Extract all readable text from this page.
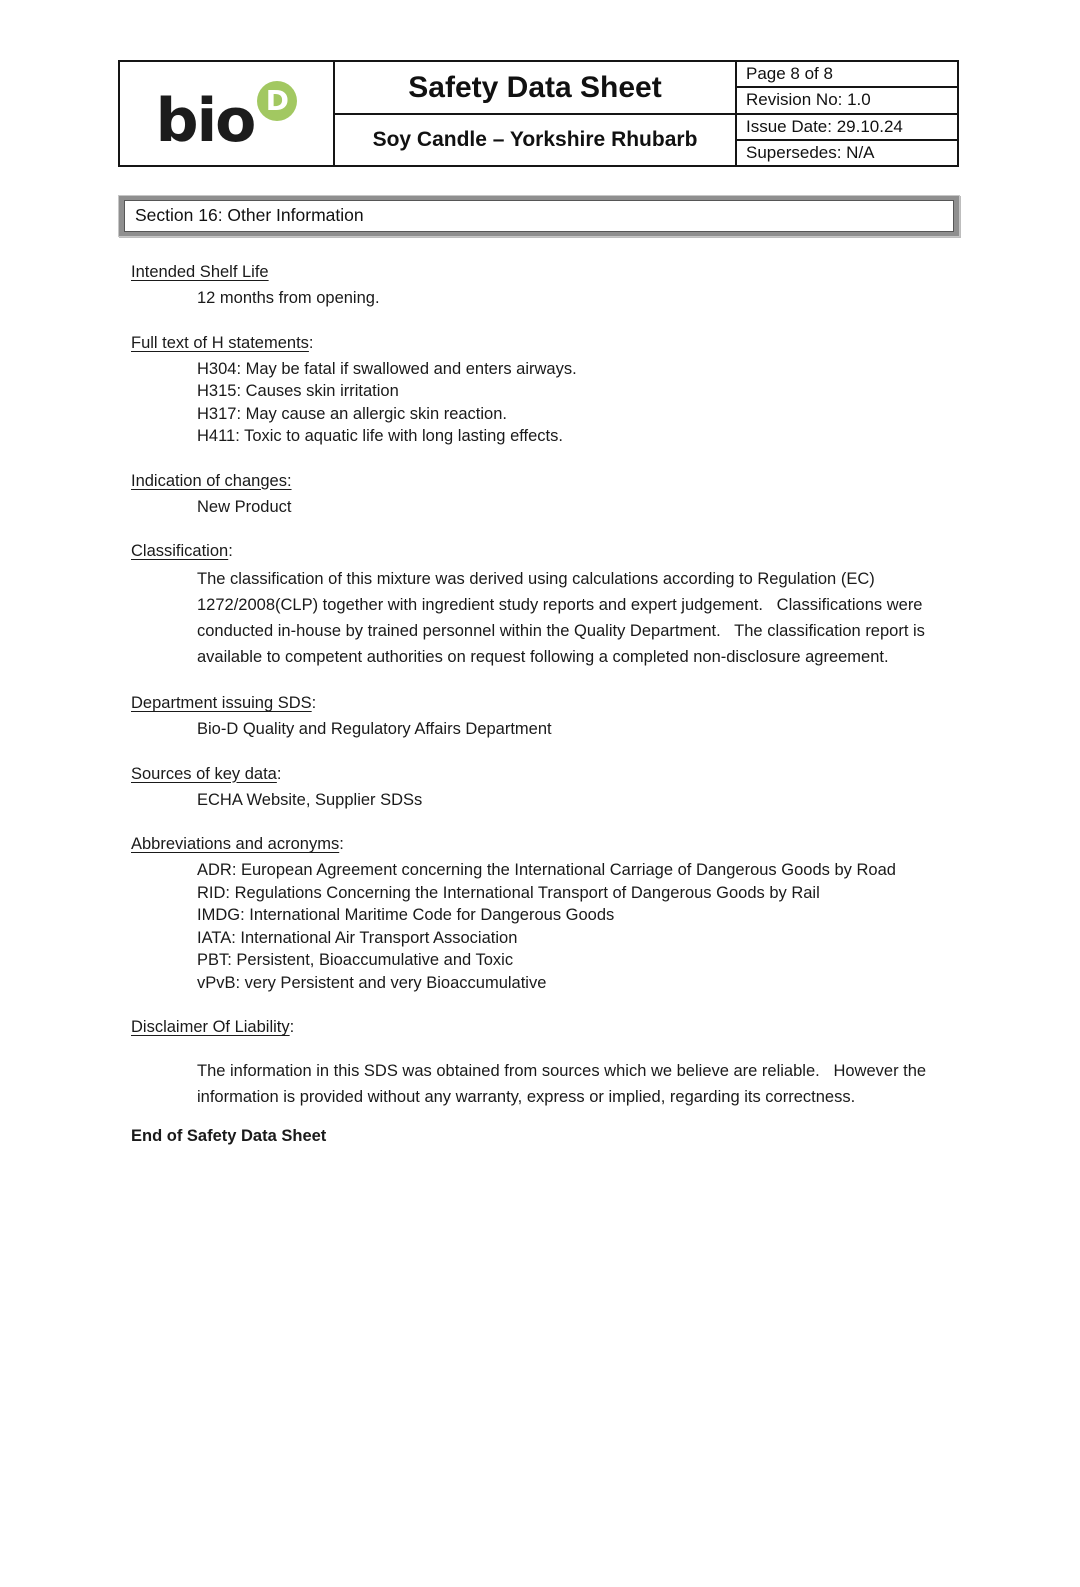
bio D	Safety Data Sheet
Soy Candle – Yorkshire Rhubarb
Page 8 of 8
Revision No: 1.0
Issue Date: 29.10.24
Supersedes: N/A
Section 16: Other Information
Intended Shelf Life
12 months from opening.
Full text of H statements:
H304: May be fatal if swallowed and enters airways.
H315: Causes skin irritation
H317: May cause an allergic skin reaction.
H411: Toxic to aquatic life with long lasting effects.
Indication of changes:
New Product
Classification:
The classification of this mixture was derived using calculations according to Regulation (EC) 1272/2008(CLP) together with ingredient study reports and expert judgement.   Classifications were conducted in-house by trained personnel within the Quality Department.   The classification report is available to competent authorities on request following a completed non-disclosure agreement.
Department issuing SDS:
Bio-D Quality and Regulatory Affairs Department
Sources of key data:
ECHA Website, Supplier SDSs
Abbreviations and acronyms:
ADR: European Agreement concerning the International Carriage of Dangerous Goods by Road
RID: Regulations Concerning the International Transport of Dangerous Goods by Rail
IMDG: International Maritime Code for Dangerous Goods
IATA: International Air Transport Association
PBT: Persistent, Bioaccumulative and Toxic
vPvB: very Persistent and very Bioaccumulative
Disclaimer Of Liability:
The information in this SDS was obtained from sources which we believe are reliable.   However the information is provided without any warranty, express or implied, regarding its correctness.
End of Safety Data Sheet
